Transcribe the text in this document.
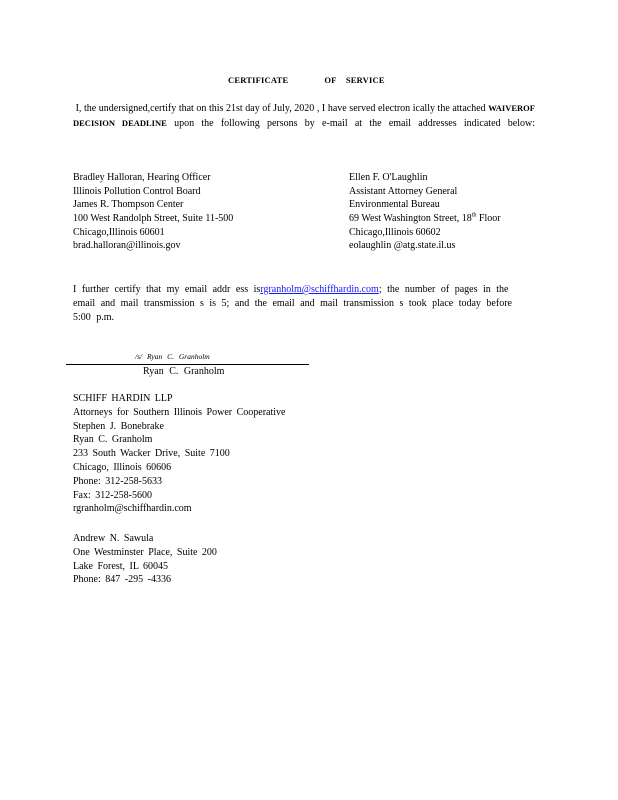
CERTIFICATE	OF SERVICE
I, the undersigned,certify that on this 21st day of July, 2020 , I have served electron ically the attached WAIVEROF DECISION DEADLINE upon the following persons by e-mail at the email addresses indicated below:
Bradley Halloran, Hearing Officer
Illinois Pollution Control Board
James R. Thompson Center
100 West Randolph Street, Suite 11-500
Chicago,Illinois 60601
brad.halloran@illinois.gov
Ellen F. O'Laughlin
Assistant Attorney General
Environmental Bureau
69 West Washington Street, 18th Floor
Chicago,Illinois 60602
eolaughlin @atg.state.il.us
I further certify that my email addr ess isrgranholm@schiffhardin.com; the number of pages in the email and mail transmission s is 5; and the email and mail transmission s took place today before 5:00 p.m.
/s/ Ryan C. Granholm
Ryan C. Granholm
SCHIFF HARDIN LLP
Attorneys for Southern Illinois Power Cooperative
Stephen J. Bonebrake
Ryan C. Granholm
233 South Wacker Drive, Suite 7100
Chicago, Illinois 60606
Phone: 312-258-5633
Fax: 312-258-5600
rgranholm@schiffhardin.com
Andrew N. Sawula
One Westminster Place, Suite 200
Lake Forest, IL 60045
Phone: 847 -295 -4336
